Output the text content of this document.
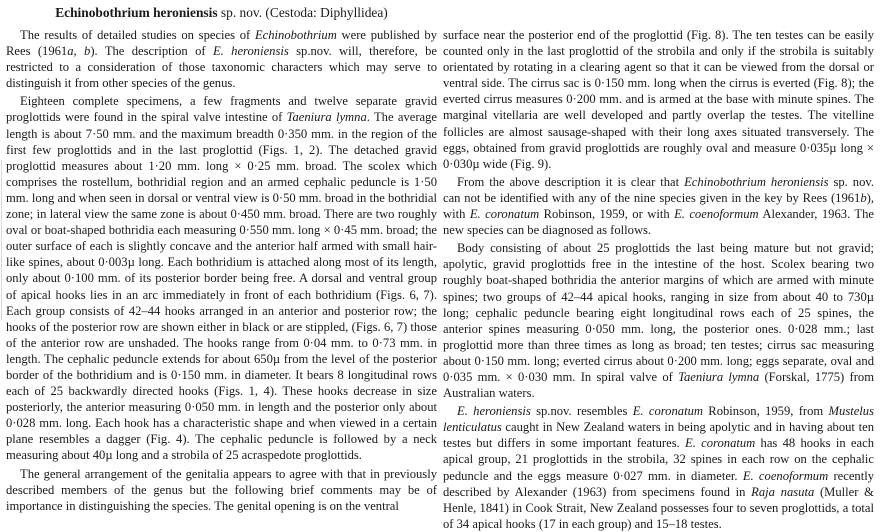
Echinobothrium heroniensis sp. nov. (Cestoda: Diphyllidea)

The results of detailed studies on species of Echinobothrium were published by Rees (1961a, b). The description of E. heroniensis sp.nov. will, therefore, be restricted to a consideration of those taxonomic characters which may serve to distinguish it from other species of the genus.

Eighteen complete specimens, a few fragments and twelve separate gravid proglottids were found in the spiral valve intestine of Taeniura lymna. The average length is about 7·50 mm. and the maximum breadth 0·350 mm. in the region of the first few proglottids and in the last proglottid (Figs. 1, 2). The detached gravid proglottid measures about 1·20 mm. long × 0·25 mm. broad. The scolex which comprises the rostellum, bothridial region and an armed cephalic peduncle is 1·50 mm. long and when seen in dorsal or ventral view is 0·50 mm. broad in the bothridial zone; in lateral view the same zone is about 0·450 mm. broad. There are two roughly oval or boat-shaped bothridia each measuring 0·550 mm. long × 0·45 mm. broad; the outer surface of each is slightly concave and the anterior half armed with small hair-like spines, about 0·003µ long. Each bothridium is attached along most of its length, only about 0·100 mm. of its posterior border being free. A dorsal and ventral group of apical hooks lies in an arc immediately in front of each bothridium (Figs. 6, 7). Each group consists of 42–44 hooks arranged in an anterior and posterior row; the hooks of the posterior row are shown either in black or are stippled, (Figs. 6, 7) those of the anterior row are unshaded. The hooks range from 0·04 mm. to 0·73 mm. in length. The cephalic peduncle extends for about 650µ from the level of the posterior border of the bothridium and is 0·150 mm. in diameter. It bears 8 longitudinal rows each of 25 backwardly directed hooks (Figs. 1, 4). These hooks decrease in size posteriorly, the anterior measuring 0·050 mm. in length and the posterior only about 0·028 mm. long. Each hook has a characteristic shape and when viewed in a certain plane resembles a dagger (Fig. 4). The cephalic peduncle is followed by a neck measuring about 40µ long and a strobila of 25 acraspedote proglottids.

The general arrangement of the genitalia appears to agree with that in previously described members of the genus but the following brief comments may be of importance in distinguishing the species. The genital opening is on the ventral

surface near the posterior end of the proglottid (Fig. 8). The ten testes can be easily counted only in the last proglottid of the strobila and only if the strobila is suitably orientated by rotating in a clearing agent so that it can be viewed from the dorsal or ventral side. The cirrus sac is 0·150 mm. long when the cirrus is everted (Fig. 8); the everted cirrus measures 0·200 mm. and is armed at the base with minute spines. The marginal vitellaria are well developed and partly overlap the testes. The vitelline follicles are almost sausage-shaped with their long axes situated transversely. The eggs, obtained from gravid proglottids are roughly oval and measure 0·035µ long × 0·030µ wide (Fig. 9).

From the above description it is clear that Echinobothrium heroniensis sp. nov. can not be identified with any of the nine species given in the key by Rees (1961b), with E. coronatum Robinson, 1959, or with E. coenoformum Alexander, 1963. The new species can be diagnosed as follows.

Body consisting of about 25 proglottids the last being mature but not gravid; apolytic, gravid proglottids free in the intestine of the host. Scolex bearing two roughly boat-shaped bothridia the anterior margins of which are armed with minute spines; two groups of 42–44 apical hooks, ranging in size from about 40 to 730µ long; cephalic peduncle bearing eight longitudinal rows each of 25 spines, the anterior spines measuring 0·050 mm. long, the posterior ones. 0·028 mm.; last proglottid more than three times as long as broad; ten testes; cirrus sac measuring about 0·150 mm. long; everted cirrus about 0·200 mm. long; eggs separate, oval and 0·035 mm. × 0·030 mm. In spiral valve of Taeniura lymna (Forskal, 1775) from Australian waters.

E. heroniensis sp.nov. resembles E. coronatum Robinson, 1959, from Mustelus lenticulatus caught in New Zealand waters in being apolytic and in having about ten testes but differs in some important features. E. coronatum has 48 hooks in each apical group, 21 proglottids in the strobila, 32 spines in each row on the cephalic peduncle and the eggs measure 0·027 mm. in diameter. E. coenoformum recently described by Alexander (1963) from specimens found in Raja nasuta (Muller & Henle, 1841) in Cook Strait, New Zealand possesses four to seven proglottids, a total of 34 apical hooks (17 in each group) and 15–18 testes.
